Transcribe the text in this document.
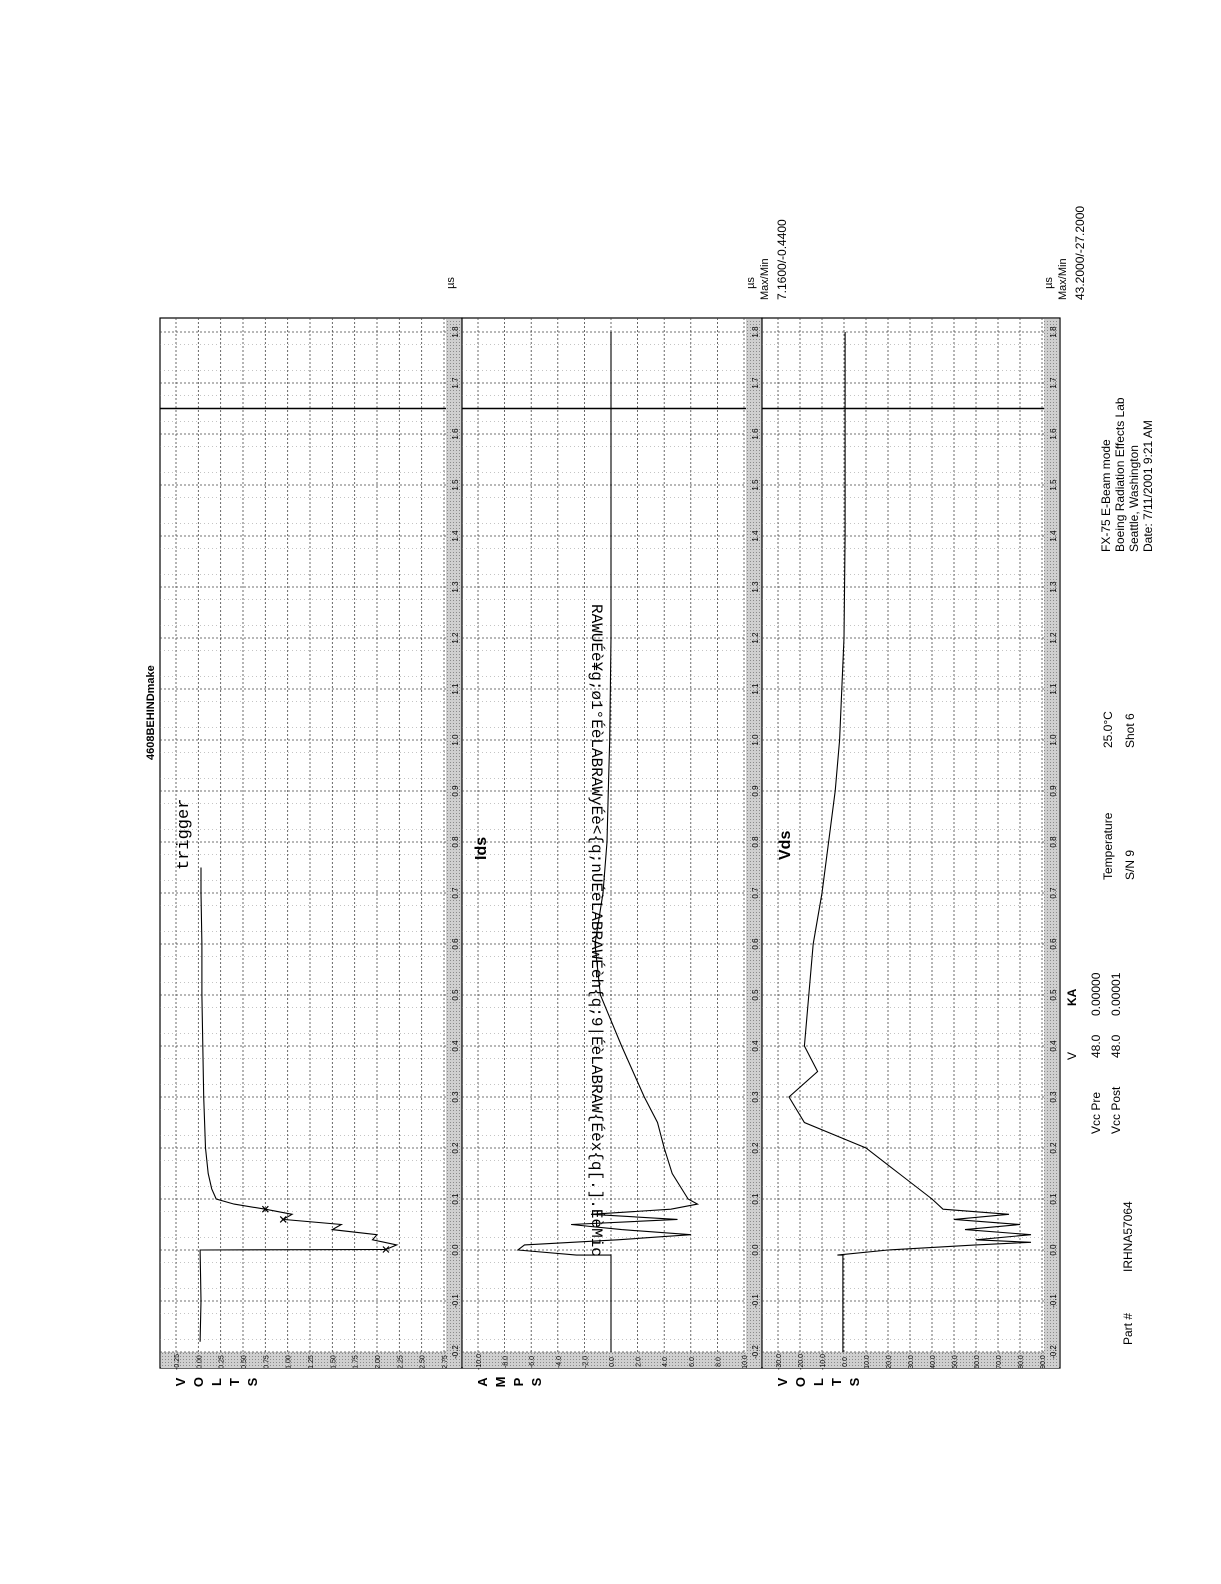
-0.2
-0.1
0.0
0.1
0.2
0.3
0.4
0.5
0.6
0.7
0.8
0.9
1.0
1.1
1.2
1.3
1.4
1.5
1.6
1.7
1.8
2.75
2.50
2.25
2.00
1.75
1.50
1.25
1.00
0.75
0.50
0.25
0.00
-0.25
V O L T S
trigger
µs
-0.2
-0.1
0.0
0.1
0.2
0.3
0.4
0.5
0.6
0.7
0.8
0.9
1.0
1.1
1.2
1.3
1.4
1.5
1.6
1.7
1.8
10.0
8.0
6.0
4.0
2.0
0.0
-2.0
-4.0
-6.0
-8.0
-10.0
A M P S
Ids
µs Max/Min 7.1600/-0.4400
-0.2
-0.1
0.0
0.1
0.2
0.3
0.4
0.5
0.6
0.7
0.8
0.9
1.0
1.1
1.2
1.3
1.4
1.5
1.6
1.7
1.8
90.0
80.0
70.0
60.0
50.0
40.0
30.0
20.0
10.0
0.0
-10.0
-20.0
-30.0
V O L T S
Vds
µs Max/Min 43.2000/-27.2000
4608BEHINDmake	RAWUÉè¥g;ø1°ÉèLABRAWyÉè<{q;nÜÉèLABRAWÉèh{q;9|ÉèLABRAW{Éèx{q[.].ÉèMic
Part #
IRHNA57064
V
KA
Vcc Pre
48.0
0.00000
Vcc Post
48.0
0.00001
Temperature
25.0°C
S/N 9
Shot 6
FX-75 E-Beam mode Boeing Radiation Effects Lab Seattle, Washington Date: 7/11/2001 9:21 AM
